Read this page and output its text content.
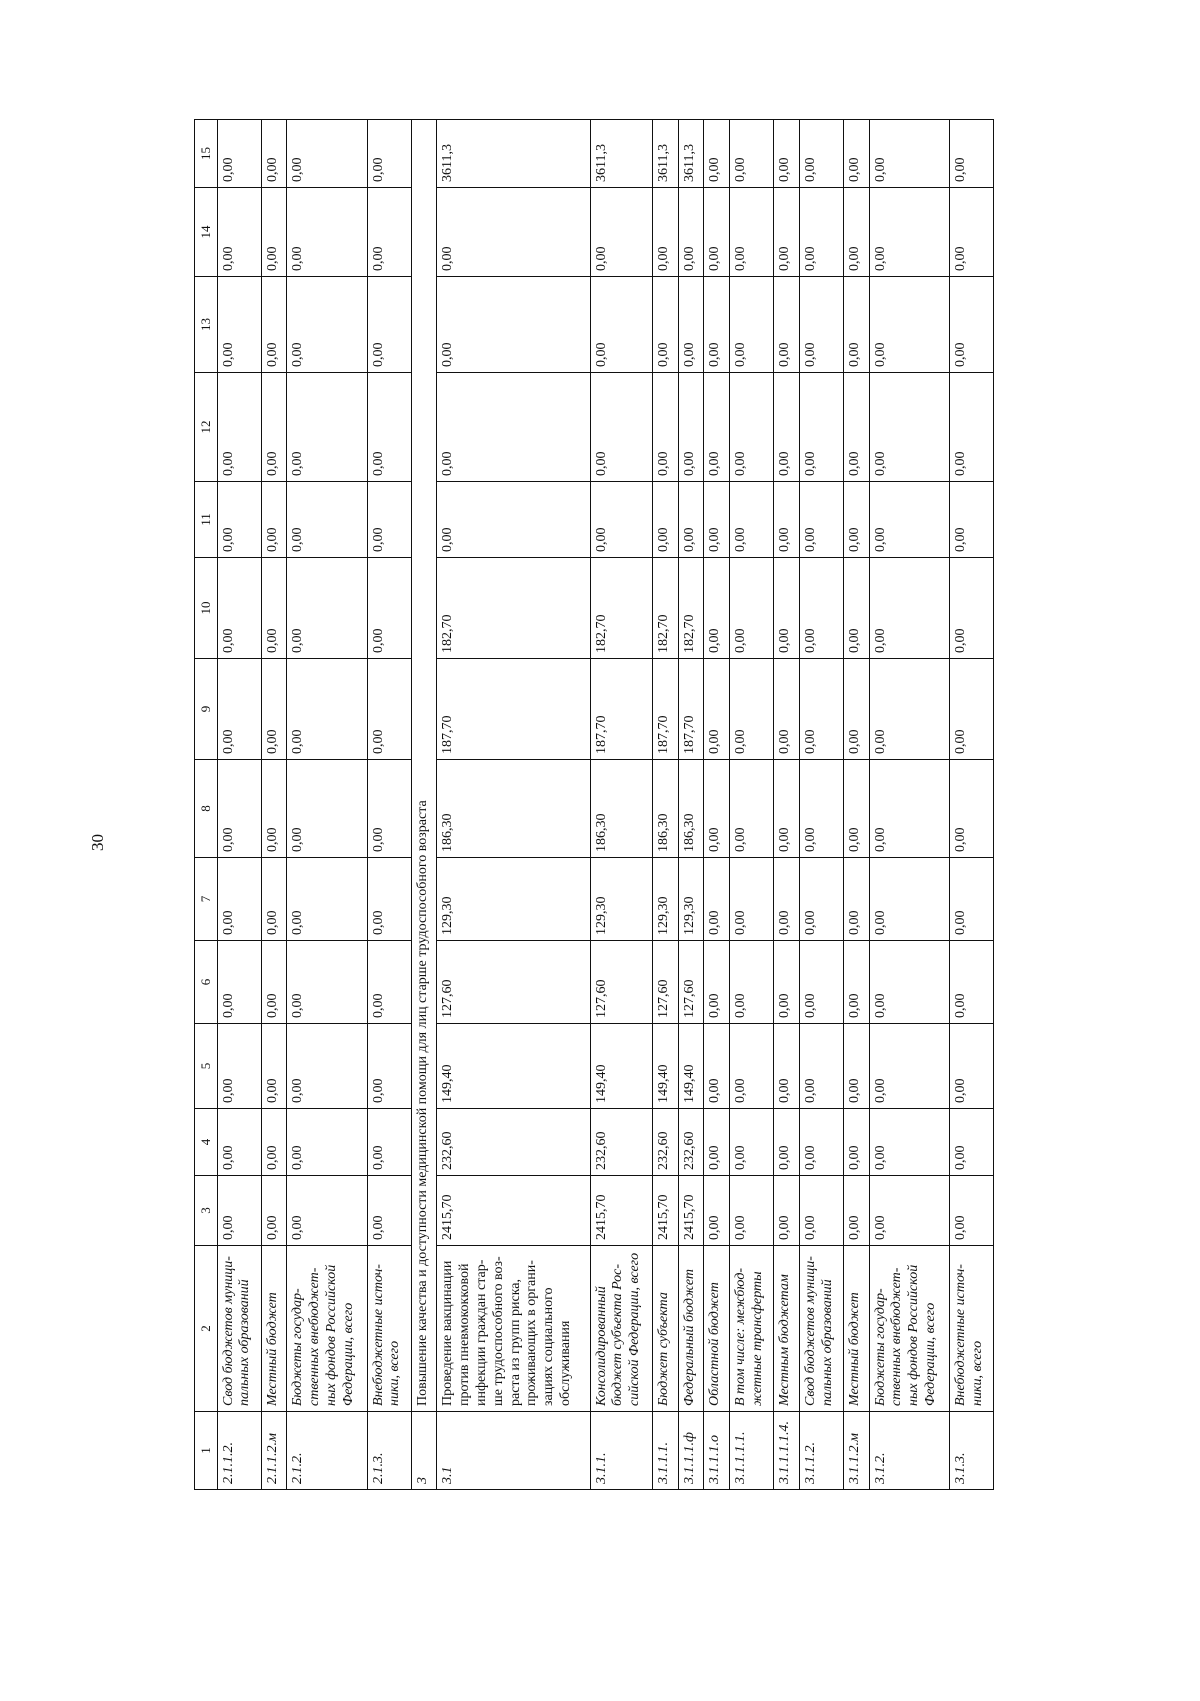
30
1	2	3	4	5	6	7	8	9	10	11	12	13	14	15
2.1.1.2.	Свод бюджетов муници-пальных образований	0,00	0,00	0,00	0,00	0,00	0,00	0,00	0,00	0,00	0,00	0,00	0,00	0,00
2.1.1.2.м	Местный бюджет	0,00	0,00	0,00	0,00	0,00	0,00	0,00	0,00	0,00	0,00	0,00	0,00	0,00
2.1.2.	Бюджеты государ-ственных внебюджет-ных фондов Российской Федерации, всего	0,00	0,00	0,00	0,00	0,00	0,00	0,00	0,00	0,00	0,00	0,00	0,00	0,00
2.1.3.	Внебюджетные источ-ники, всего	0,00	0,00	0,00	0,00	0,00	0,00	0,00	0,00	0,00	0,00	0,00	0,00	0,00
3	Повышение качества и доступности медицинской помощи для лиц старше трудоспособного возраста													
3.1	Проведение вакцинации против пневмококковой инфекции граждан стар-ше трудоспособного воз-раста из групп риска, проживающих в органи-зациях социального обслуживания	2415,70	232,60	149,40	127,60	129,30	186,30	187,70	182,70	0,00	0,00	0,00	0,00	3611,3
3.1.1.	Консолидированный бюджет субъекта Рос-сийской Федерации, всего	2415,70	232,60	149,40	127,60	129,30	186,30	187,70	182,70	0,00	0,00	0,00	0,00	3611,3
3.1.1.1.	Бюджет субъекта	2415,70	232,60	149,40	127,60	129,30	186,30	187,70	182,70	0,00	0,00	0,00	0,00	3611,3
3.1.1.1.ф	Федеральный бюджет	2415,70	232,60	149,40	127,60	129,30	186,30	187,70	182,70	0,00	0,00	0,00	0,00	3611,3
3.1.1.1.о	Областной бюджет	0,00	0,00	0,00	0,00	0,00	0,00	0,00	0,00	0,00	0,00	0,00	0,00	0,00
3.1.1.1.1.	В том числе: межбюд-жетные трансферты	0,00	0,00	0,00	0,00	0,00	0,00	0,00	0,00	0,00	0,00	0,00	0,00	0,00
3.1.1.1.1.4.	Местным бюджетам	0,00	0,00	0,00	0,00	0,00	0,00	0,00	0,00	0,00	0,00	0,00	0,00	0,00
3.1.1.2.	Свод бюджетов муници-пальных образований	0,00	0,00	0,00	0,00	0,00	0,00	0,00	0,00	0,00	0,00	0,00	0,00	0,00
3.1.1.2.м	Местный бюджет	0,00	0,00	0,00	0,00	0,00	0,00	0,00	0,00	0,00	0,00	0,00	0,00	0,00
3.1.2.	Бюджеты государ-ственных внебюджет-ных фондов Российской Федерации, всего	0,00	0,00	0,00	0,00	0,00	0,00	0,00	0,00	0,00	0,00	0,00	0,00	0,00
3.1.3.	Внебюджетные источ-ники, всего	0,00	0,00	0,00	0,00	0,00	0,00	0,00	0,00	0,00	0,00	0,00	0,00	0,00
